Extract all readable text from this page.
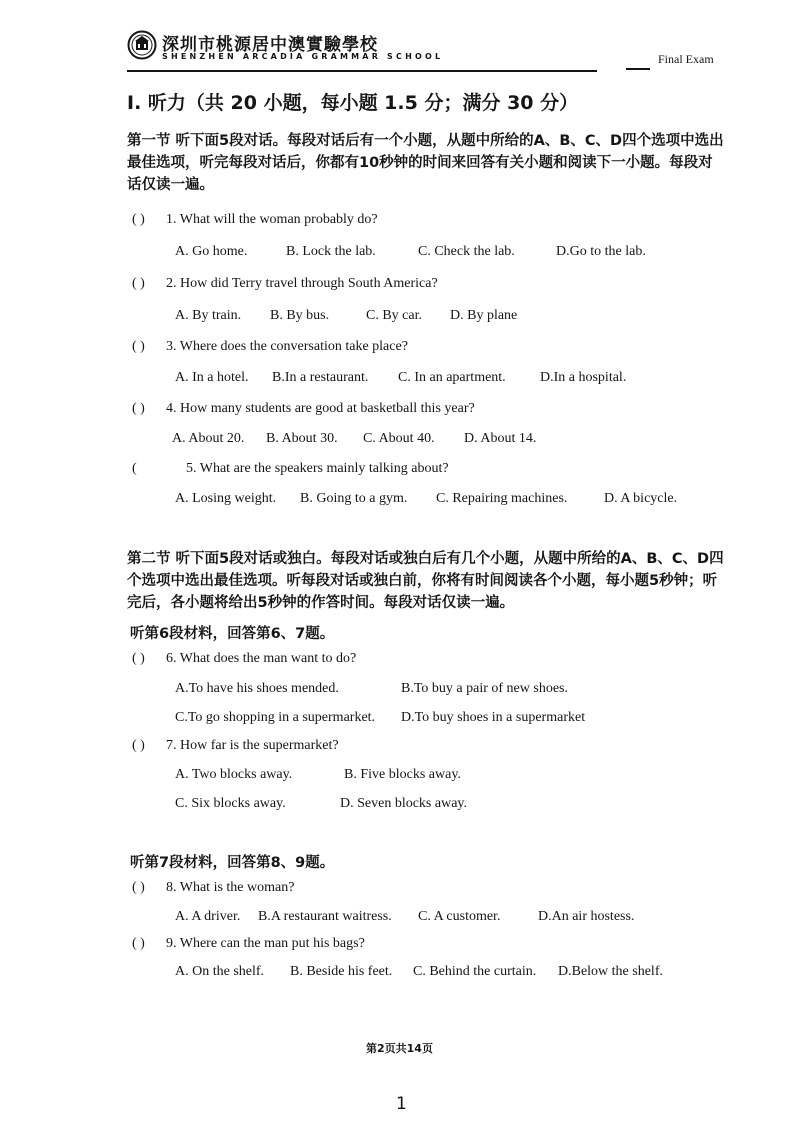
深圳市桃源居中澳實驗學校
SHENZHEN ARCADIA GRAMMAR SCHOOL	Final Exam
I. 听力（共 20 小题，每小题 1.5 分；满分 30 分）
第一节 听下面5段对话。每段对话后有一个小题，从题中所给的A、B、C、D四个选项中选出最佳选项，听完每段对话后，你都有10秒钟的时间来回答有关小题和阅读下一小题。每段对话仅读一遍。
( ) 1. What will the woman probably do?
A. Go home.	B. Lock the lab.	C. Check the lab.	D.Go to the lab.
( ) 2. How did Terry travel through South America?
A. By train. B. By bus.	C. By car. D. By plane
( ) 3. Where does the conversation take place?
A. In a hotel. B.In a restaurant. C. In an apartment. D.In a hospital.
( ) 4. How many students are good at basketball this year?
A. About 20. B. About 30. C. About 40. D. About 14.
(	5. What are the speakers mainly talking about?
A. Losing weight. B. Going to a gym. C. Repairing machines.	D. A bicycle.
第二节 听下面5段对话或独白。每段对话或独白后有几个小题，从题中所给的A、B、C、D四个选项中选出最佳选项。听每段对话或独白前，你将有时间阅读各个小题，每小题5秒钟；听完后，各小题将给出5秒钟的作答时间。每段对话仅读一遍。
听第6段材料，回答第6、7题。
( ) 6. What does the man want to do?
A.To have his shoes mended.	B.To buy a pair of new shoes.
C.To go shopping in a supermarket. D.To buy shoes in a supermarket
( ) 7. How far is the supermarket?
A. Two blocks away.	B. Five blocks away.
C. Six blocks away.	D. Seven blocks away.
听第7段材料，回答第8、9题。
( ) 8. What is the woman?
A. A driver. B.A restaurant waitress. C. A customer.	D.An air hostess.
( ) 9. Where can the man put his bags?
A. On the shelf. B. Beside his feet. C. Behind the curtain. D.Below the shelf.
第2页共14页
1
